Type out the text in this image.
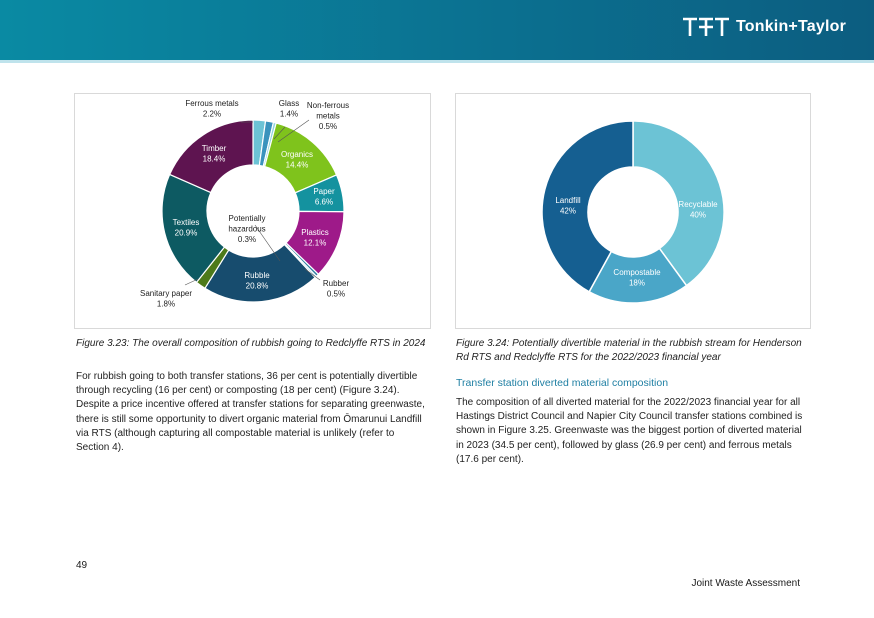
Tonkin+Taylor
Ferrous metals 2.2%
Glass 1.4%
Non-ferrous metals 0.5%
Organics 14.4%
Paper 6.6%
Plastics 12.1%
Rubber 0.5%
Rubble 20.8%
Sanitary paper 1.8%
Textiles 20.9%
Timber 18.4%
Potentially hazardous 0.3%
Recyclable 40%
Compostable 18%
Landfill 42%
Figure 3.23: The overall composition of rubbish going to Redclyffe RTS in 2024	Figure 3.24: Potentially divertible material in the rubbish stream for Henderson Rd RTS and Redclyffe RTS for the 2022/2023 financial year
For rubbish going to both transfer stations, 36 per cent is potentially divertible through recycling (16 per cent) or composting (18 per cent) (Figure 3.24). Despite a price incentive offered at transfer stations for separating greenwaste, there is still some opportunity to divert organic material from Ōmarunui Landfill via RTS (although capturing all compostable material is unlikely (refer to Section 4).
Transfer station diverted material composition
The composition of all diverted material for the 2022/2023 financial year for all Hastings District Council and Napier City Council transfer stations combined is shown in Figure 3.25. Greenwaste was the biggest portion of diverted material in 2023 (34.5 per cent), followed by glass (26.9 per cent) and ferrous metals (17.6 per cent).
49
Joint Waste Assessment
